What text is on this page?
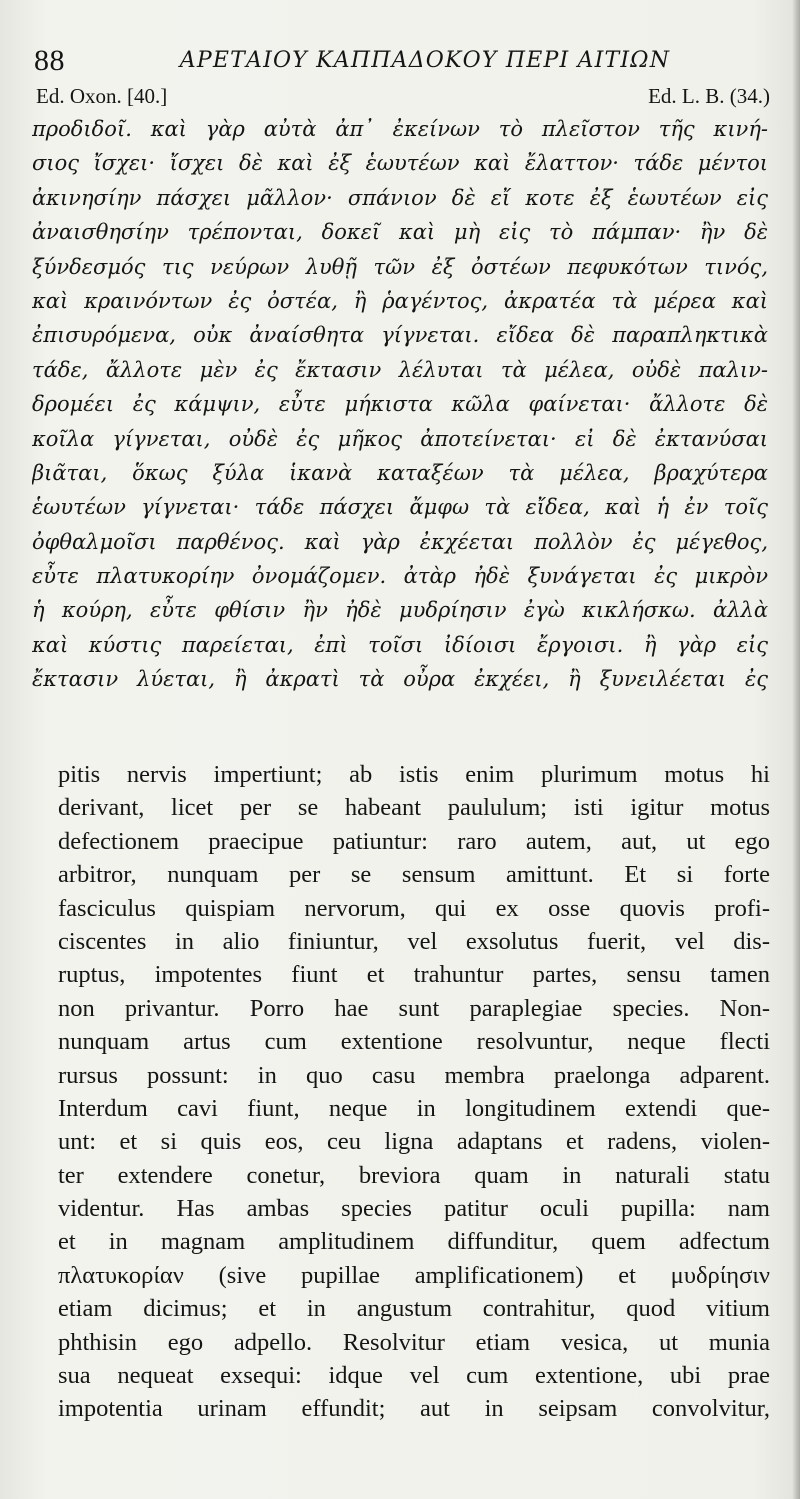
88	ΑΡΕΤΑΙΟΥ ΚΑΠΠΑΔΟΚΟΥ ΠΕΡΙ ΑΙΤΙΩΝ
Ed. Oxon. [40.]	Ed. L. B. (34.)
προδιδοῖ. καὶ γὰρ αὐτὰ ἀπ᾽ ἐκείνων τὸ πλεῖστον τῆς κινή-
σιος ἴσχει· ἴσχει δὲ καὶ ἐξ ἑωυτέων καὶ ἔλαττον· τάδε μέντοι
ἀκινησίην πάσχει μᾶλλον· σπάνιον δὲ εἴ κοτε ἐξ ἑωυτέων εἰς
ἀναισθησίην τρέπονται, δοκεῖ καὶ μὴ εἰς τὸ πάμπαν· ἢν δὲ
ξύνδεσμός τις νεύρων λυθῇ τῶν ἐξ ὀστέων πεφυκότων τινός,
καὶ κραινόντων ἐς ὀστέα, ἢ ῥαγέντος, ἀκρατέα τὰ μέρεα καὶ
ἐπισυρόμενα, οὐκ ἀναίσθητα γίγνεται. εἴδεα δὲ παραπληκτικὰ
τάδε, ἄλλοτε μὲν ἐς ἔκτασιν λέλυται τὰ μέλεα, οὐδὲ παλιν-
δρομέει ἐς κάμψιν, εὖτε μήκιστα κῶλα φαίνεται· ἄλλοτε δὲ
κοῖλα γίγνεται, οὐδὲ ἐς μῆκος ἀποτείνεται· εἰ δὲ ἐκτανύσαι
βιᾶται, ὅκως ξύλα ἱκανὰ καταξέων τὰ μέλεα, βραχύτερα
ἑωυτέων γίγνεται· τάδε πάσχει ἄμφω τὰ εἴδεα, καὶ ἡ ἐν τοῖς
ὀφθαλμοῖσι παρθένος. καὶ γὰρ ἐκχέεται πολλὸν ἐς μέγεθος,
εὖτε πλατυκορίην ὀνομάζομεν. ἀτὰρ ἠδὲ ξυνάγεται ἐς μικρὸν
ἡ κούρη, εὖτε φθίσιν ἢν ἠδὲ μυδρίησιν ἐγὼ κικλήσκω. ἀλλὰ
καὶ κύστις παρείεται, ἐπὶ τοῖσι ἰδίοισι ἔργοισι. ἢ γὰρ εἰς
ἔκτασιν λύεται, ἢ ἀκρατὶ τὰ οὖρα ἐκχέει, ἢ ξυνειλέεται ἐς
pitis nervis impertiunt; ab istis enim plurimum motus hi
derivant, licet per se habeant paululum; isti igitur motus
defectionem praecipue patiuntur: raro autem, aut, ut ego
arbitror, nunquam per se sensum amittunt. Et si forte
fasciculus quispiam nervorum, qui ex osse quovis profi-
ciscentes in alio finiuntur, vel exsolutus fuerit, vel dis-
ruptus, impotentes fiunt et trahuntur partes, sensu tamen
non privantur. Porro hae sunt paraplegiae species. Non-
nunquam artus cum extentione resolvuntur, neque flecti
rursus possunt: in quo casu membra praelonga adparent.
Interdum cavi fiunt, neque in longitudinem extendi que-
unt: et si quis eos, ceu ligna adaptans et radens, violen-
ter extendere conetur, breviora quam in naturali statu
videntur. Has ambas species patitur oculi pupilla: nam
et in magnam amplitudinem diffunditur, quem adfectum
πλατυκορίαν (sive pupillae amplificationem) et μυδρίησιν
etiam dicimus; et in angustum contrahitur, quod vitium
phthisin ego adpello. Resolvitur etiam vesica, ut munia
sua nequeat exsequi: idque vel cum extentione, ubi prae
impotentia urinam effundit; aut in seipsam convolvitur,
